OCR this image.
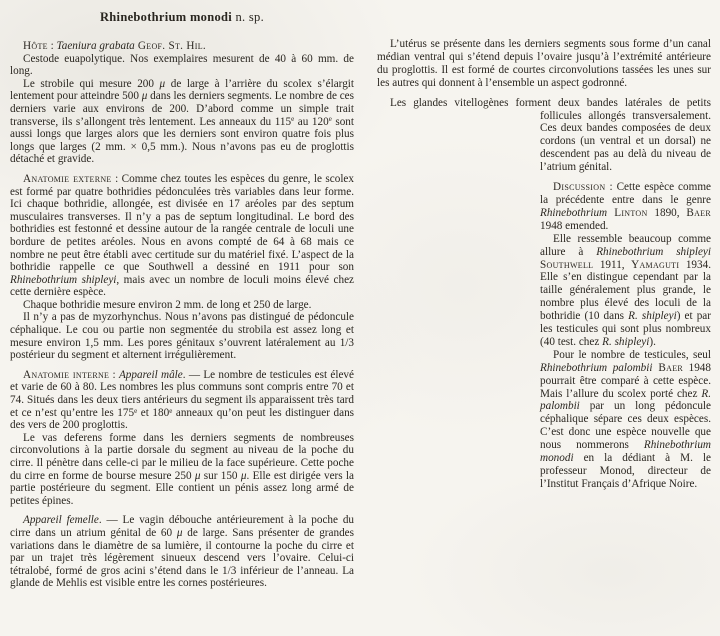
Rhinebothrium monodi n. sp.

Hôte : Taeniura grabata Geof. St. Hil.

Cestode euapolytique. Nos exemplaires mesurent de 40 à 60 mm. de long.

Le strobile qui mesure 200 μ de large à l’arrière du scolex s’élargit lentement pour atteindre 500 μ dans les derniers segments. Le nombre de ces derniers varie aux environs de 200. D’abord comme un simple trait transverse, ils s’allongent très lentement. Les anneaux du 115e au 120e sont aussi longs que larges alors que les derniers sont environ quatre fois plus longs que larges (2 mm. × 0,5 mm.). Nous n’avons pas eu de proglottis détaché et gravide.

Anatomie externe : Comme chez toutes les espèces du genre, le scolex est formé par quatre bothridies pédonculées très variables dans leur forme. Ici chaque bothridie, allongée, est divisée en 17 aréoles par des septum musculaires transverses. Il n’y a pas de septum longitudinal. Le bord des bothridies est festonné et dessine autour de la rangée centrale de loculi une bordure de petites aréoles. Nous en avons compté de 64 à 68 mais ce nombre ne peut être établi avec certitude sur du matériel fixé. L’aspect de la bothridie rappelle ce que Southwell a dessiné en 1911 pour son Rhinebothrium shipleyi, mais avec un nombre de loculi moins élevé chez cette dernière espèce.

Chaque bothridie mesure environ 2 mm. de long et 250 de large.

Il n’y a pas de myzorhynchus. Nous n’avons pas distingué de pédoncule céphalique. Le cou ou partie non segmentée du strobila est assez long et mesure environ 1,5 mm. Les pores génitaux s’ouvrent latéralement au 1/3 postérieur du segment et alternent irrégulièrement.

Anatomie interne : Appareil mâle. — Le nombre de testicules est élevé et varie de 60 à 80. Les nombres les plus communs sont compris entre 70 et 74. Situés dans les deux tiers antérieurs du segment ils apparaissent très tard et ce n’est qu’entre les 175e et 180e anneaux qu’on peut les distinguer dans des vers de 200 proglottis.

Le vas deferens forme dans les derniers segments de nombreuses circonvolutions à la partie dorsale du segment au niveau de la poche du cirre. Il pénètre dans celle-ci par le milieu de la face supérieure. Cette poche du cirre en forme de bourse mesure 250 μ sur 150 μ. Elle est dirigée vers la partie postérieure du segment. Elle contient un pénis assez long armé de petites épines.

Appareil femelle. — Le vagin débouche antérieurement à la poche du cirre dans un atrium génital de 60 μ de large. Sans présenter de grandes variations dans le diamètre de sa lumière, il contourne la poche du cirre et par un trajet très légèrement sinueux descend vers l’ovaire. Celui-ci tétralobé, formé de gros acini s’étend dans le 1/3 inférieur de l’anneau. La glande de Mehlis est visible entre les cornes postérieures.

L’utérus se présente dans les derniers segments sous forme d’un canal médian ventral qui s’étend depuis l’ovaire jusqu’à l’extrémité antérieure du proglottis. Il est formé de courtes circonvolutions tassées les unes sur les autres qui donnent à l’ensemble un aspect godronné.

Les glandes vitellogènes forment deux bandes latérales de petits
follicules allongés transversalement. Ces deux bandes composées de deux cordons (un ventral et un dorsal) ne descendent pas au delà du niveau de l’atrium génital.

Discussion : Cette espèce comme la précédente entre dans le genre Rhinebothrium Linton 1890, Baer 1948 emended.

Elle ressemble beaucoup comme allure à Rhinebothrium shipleyi Southwell 1911, Yamaguti 1934. Elle s’en distingue cependant par la taille généralement plus grande, le nombre plus élevé des loculi de la bothridie (10 dans R. shipleyi) et par les testicules qui sont plus nombreux (40 test. chez R. shipleyi).

Pour le nombre de testicules, seul Rhinebothrium palombii Baer 1948 pourrait être comparé à cette espèce. Mais l’allure du scolex porté chez R. palombii par un long pédoncule céphalique sépare ces deux espèces. C’est donc une espèce nouvelle que nous nommerons Rhinebothrium monodi en la dédiant à M. le professeur Monod, directeur de l’Institut Français d’Afrique Noire.
